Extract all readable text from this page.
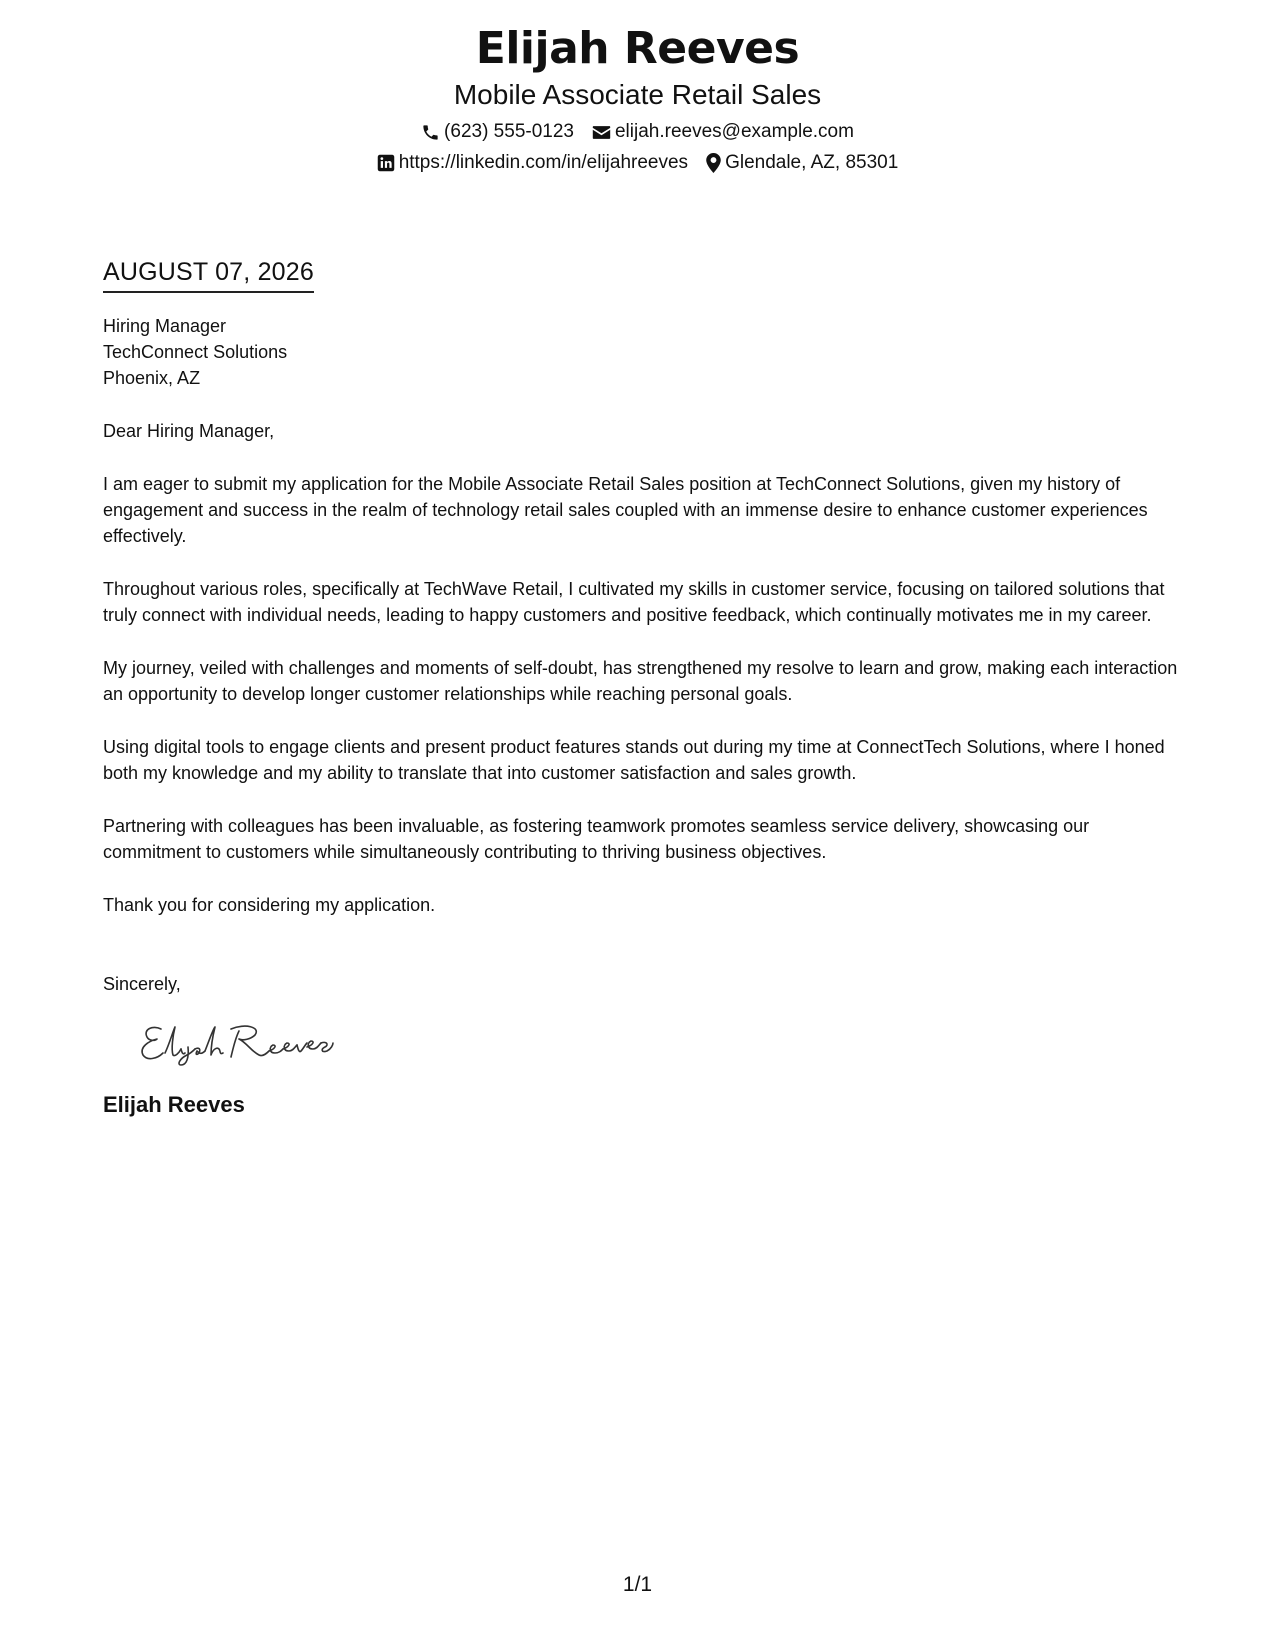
Elijah Reeves
Mobile Associate Retail Sales
(623) 555-0123 elijah.reeves@example.com
https://linkedin.com/in/elijahreeves Glendale, AZ, 85301
AUGUST 07, 2026
Hiring Manager
TechConnect Solutions
Phoenix, AZ
Dear Hiring Manager,
I am eager to submit my application for the Mobile Associate Retail Sales position at TechConnect Solutions, given my history of engagement and success in the realm of technology retail sales coupled with an immense desire to enhance customer experiences effectively.
Throughout various roles, specifically at TechWave Retail, I cultivated my skills in customer service, focusing on tailored solutions that truly connect with individual needs, leading to happy customers and positive feedback, which continually motivates me in my career.
My journey, veiled with challenges and moments of self-doubt, has strengthened my resolve to learn and grow, making each interaction an opportunity to develop longer customer relationships while reaching personal goals.
Using digital tools to engage clients and present product features stands out during my time at ConnectTech Solutions, where I honed both my knowledge and my ability to translate that into customer satisfaction and sales growth.
Partnering with colleagues has been invaluable, as fostering teamwork promotes seamless service delivery, showcasing our commitment to customers while simultaneously contributing to thriving business objectives.
Thank you for considering my application.
Sincerely,
Elijah Reeves
1/1
